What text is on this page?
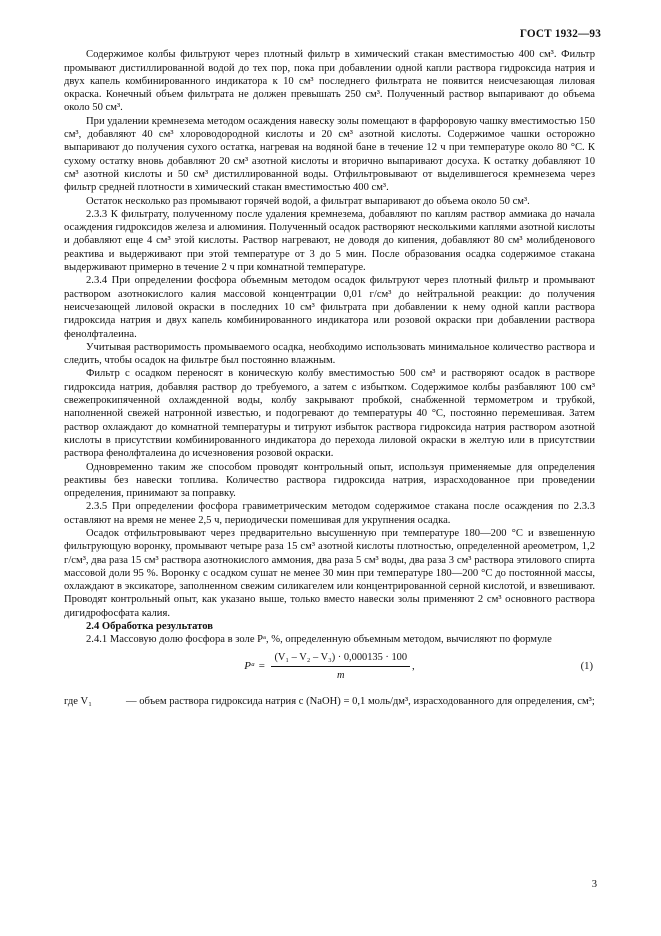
ГОСТ 1932—93

Содержимое колбы фильтруют через плотный фильтр в химический стакан вместимостью 400 см³. Фильтр промывают дистиллированной водой до тех пор, пока при добавлении одной капли раствора гидроксида натрия и двух капель комбинированного индикатора к 10 см³ последнего фильтрата не появится неисчезающая лиловая окраска. Конечный объем фильтрата не должен превышать 250 см³. Полученный раствор выпаривают до объема около 50 см³.

При удалении кремнезема методом осаждения навеску золы помещают в фарфоровую чашку вместимостью 150 см³, добавляют 40 см³ хлороводородной кислоты и 20 см³ азотной кислоты. Содержимое чашки осторожно выпаривают до получения сухого остатка, нагревая на водяной бане в течение 12 ч при температуре около 80 °С. К сухому остатку вновь добавляют 20 см³ азотной кислоты и вторично выпаривают досуха. К остатку добавляют 10 см³ азотной кислоты и 50 см³ дистиллированной воды. Отфильтровывают от выделившегося кремнезема через фильтр средней плотности в химический стакан вместимостью 400 см³.

Остаток несколько раз промывают горячей водой, а фильтрат выпаривают до объема около 50 см³.

2.3.3 К фильтрату, полученному после удаления кремнезема, добавляют по каплям раствор аммиака до начала осаждения гидроксидов железа и алюминия. Полученный осадок растворяют несколькими каплями азотной кислоты и добавляют еще 4 см³ этой кислоты. Раствор нагревают, не доводя до кипения, добавляют 80 см³ молибденового реактива и выдерживают при этой температуре от 3 до 5 мин. После образования осадка содержимое стакана выдерживают примерно в течение 2 ч при комнатной температуре.

2.3.4 При определении фосфора объемным методом осадок фильтруют через плотный фильтр и промывают раствором азотнокислого калия массовой концентрации 0,01 г/см³ до нейтральной реакции: до получения неисчезающей лиловой окраски в последних 10 см³ фильтрата при добавлении к нему одной капли раствора гидроксида натрия и двух капель комбинированного индикатора или розовой окраски при добавлении раствора фенолфталеина.

Учитывая растворимость промываемого осадка, необходимо использовать минимальное количество раствора и следить, чтобы осадок на фильтре был постоянно влажным.

Фильтр с осадком переносят в коническую колбу вместимостью 500 см³ и растворяют осадок в растворе гидроксида натрия, добавляя раствор до требуемого, а затем с избытком. Содержимое колбы разбавляют 100 см³ свежепрокипяченной охлажденной воды, колбу закрывают пробкой, снабженной термометром и трубкой, наполненной свежей натронной известью, и подогревают до температуры 40 °С, постоянно перемешивая. Затем раствор охлаждают до комнатной температуры и титруют избыток раствора гидроксида натрия раствором азотной кислоты в присутствии комбинированного индикатора до перехода лиловой окраски в желтую или в присутствии раствора фенолфталеина до исчезновения розовой окраски.

Одновременно таким же способом проводят контрольный опыт, используя применяемые для определения реактивы без навески топлива. Количество раствора гидроксида натрия, израсходованное при проведении определения, принимают за поправку.

2.3.5 При определении фосфора гравиметрическим методом содержимое стакана после осаждения по 2.3.3 оставляют на время не менее 2,5 ч, периодически помешивая для укрупнения осадка.

Осадок отфильтровывают через предварительно высушенную при температуре 180—200 °С и взвешенную фильтрующую воронку, промывают четыре раза 15 см³ азотной кислоты плотностью, определенной ареометром, 1,2 г/см³, два раза 15 см³ раствора азотнокислого аммония, два раза 5 см³ воды, два раза 3 см³ раствора этилового спирта массовой доли 95 %. Воронку с осадком сушат не менее 30 мин при температуре 180—200 °С до постоянной массы, охлаждают в эксикаторе, заполненном свежим силикагелем или концентрированной серной кислотой, и взвешивают. Проводят контрольный опыт, как указано выше, только вместо навески золы применяют 2 см³ основного раствора дигидрофосфата калия.

2.4 Обработка результатов

2.4.1 Массовую долю фосфора в золе Pᵃ, %, определенную объемным методом, вычисляют по формуле

Pᵃ = $\frac{\text{(V₁ – V₂ – V₃) · 0,000135 · 100}}{m}$ ,	(1)
где V₁	— объем раствора гидроксида натрия c (NaOH) = 0,1 моль/дм³, израсходованного для определения, см³;
3
